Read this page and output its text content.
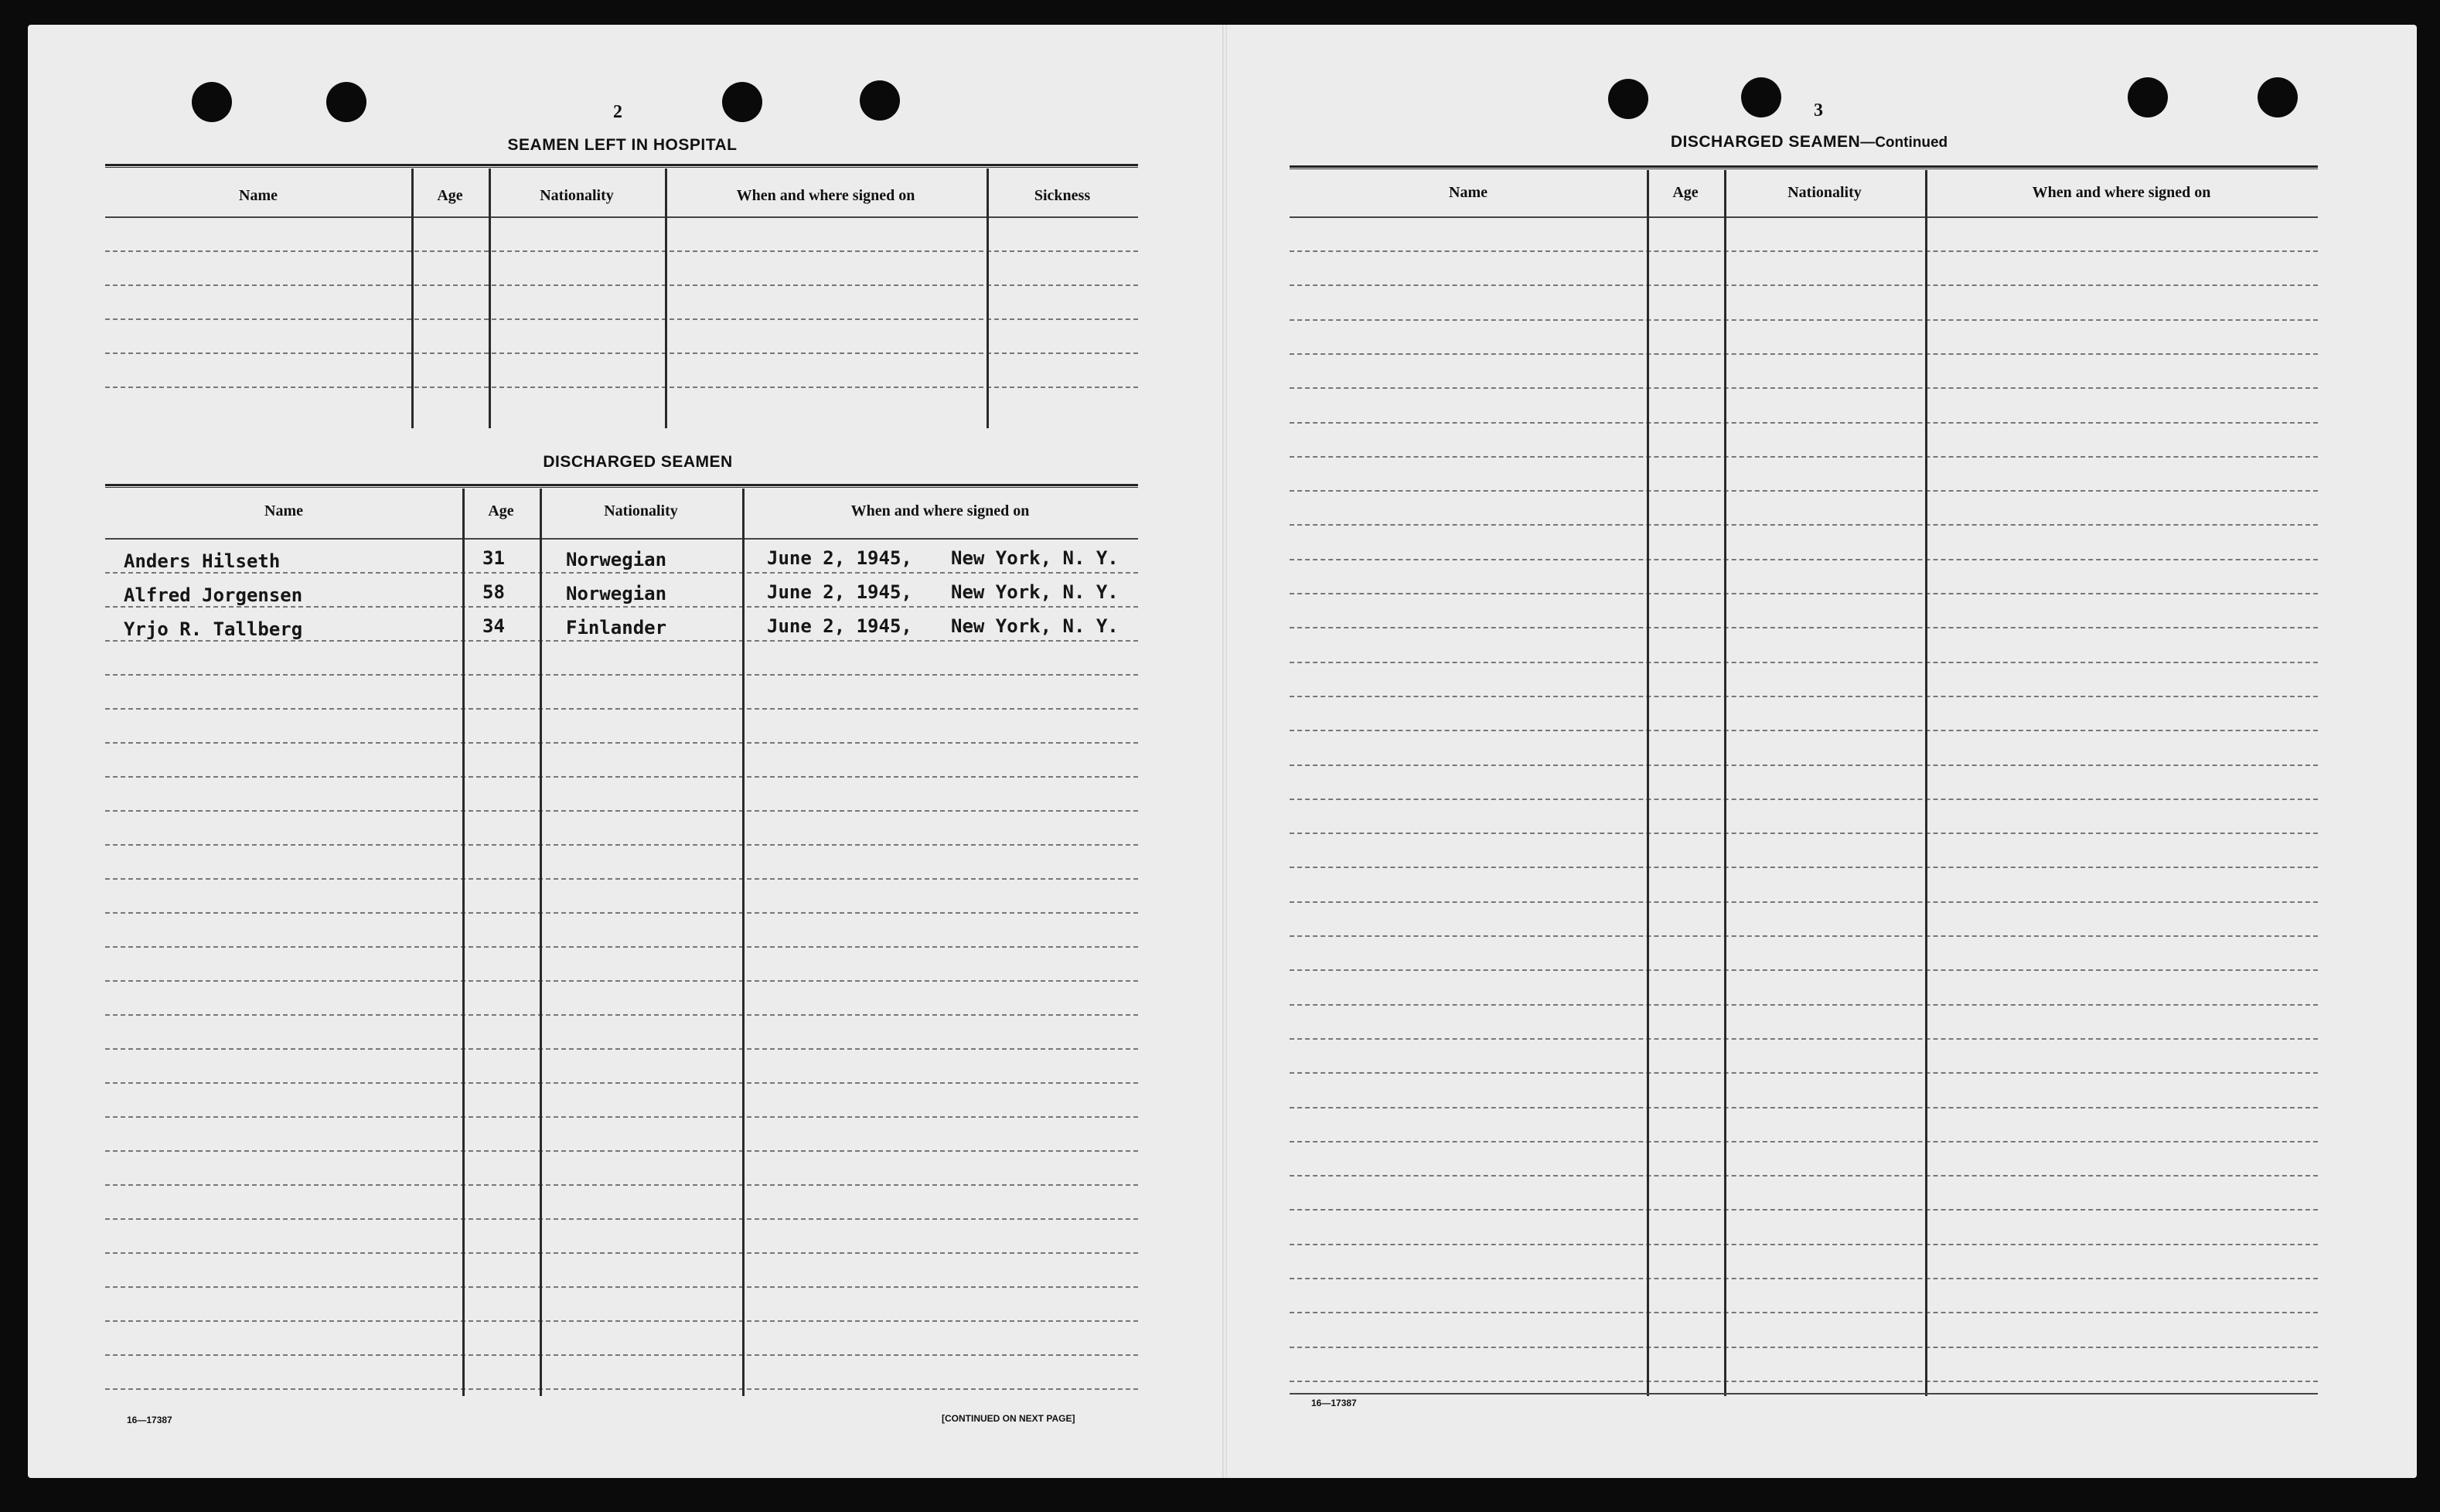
2
SEAMEN LEFT IN HOSPITAL
Name	Age	Nationality	When and where signed on	Sickness
DISCHARGED SEAMEN
Name	Age	Nationality	When and where signed on
Anders Hilseth	31	Norwegian	June 2, 1945, New York, N. Y.
Alfred Jorgensen	58	Norwegian	June 2, 1945, New York, N. Y.
Yrjo R. Tallberg	34	Finlander	June 2, 1945, New York, N. Y.
16—17387	[CONTINUED ON NEXT PAGE]
3
DISCHARGED SEAMEN—Continued
Name	Age	Nationality	When and where signed on
16—17387
